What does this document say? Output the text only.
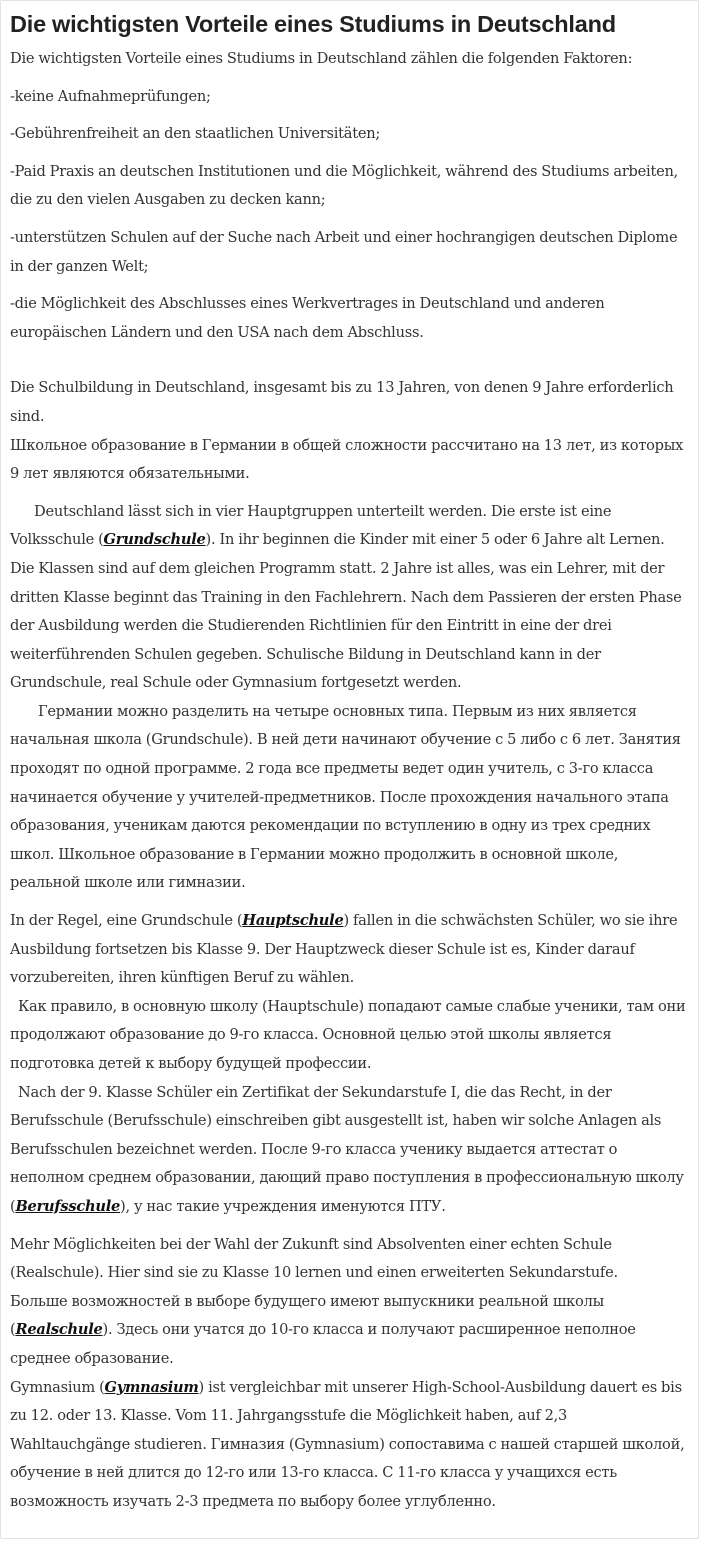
Die wichtigsten Vorteile eines Studiums in Deutschland

Die wichtigsten Vorteile eines Studiums in Deutschland zählen die folgenden Faktoren:

-keine Aufnahmeprüfungen;

-Gebührenfreiheit an den staatlichen Universitäten;

-Paid Praxis an deutschen Institutionen und die Möglichkeit, während des Studiums arbeiten, die zu den vielen Ausgaben zu decken kann;

-unterstützen Schulen auf der Suche nach Arbeit und einer hochrangigen deutschen Diplome in der ganzen Welt;

-die Möglichkeit des Abschlusses eines Werkvertrages in Deutschland und anderen europäischen Ländern und den USA nach dem Abschluss.

Die Schulbildung in Deutschland, insgesamt bis zu 13 Jahren, von denen 9 Jahre erforderlich sind.

Школьное образование в Германии в общей сложности рассчитано на 13 лет, из которых 9 лет являются обязательными.

Deutschland lässt sich in vier Hauptgruppen unterteilt werden. Die erste ist eine Volksschule (Grundschule). In ihr beginnen die Kinder mit einer 5 oder 6 Jahre alt Lernen. Die Klassen sind auf dem gleichen Programm statt. 2 Jahre ist alles, was ein Lehrer, mit der dritten Klasse beginnt das Training in den Fachlehrern. Nach dem Passieren der ersten Phase der Ausbildung werden die Studierenden Richtlinien für den Eintritt in eine der drei weiterführenden Schulen gegeben. Schulische Bildung in Deutschland kann in der Grundschule, real Schule oder Gymnasium fortgesetzt werden.

Германии можно разделить на четыре основных типа. Первым из них является начальная школа (Grundschule). В ней дети начинают обучение с 5 либо с 6 лет. Занятия проходят по одной программе. 2 года все предметы ведет один учитель, с 3-го класса начинается обучение у учителей-предметников. После прохождения начального этапа образования, ученикам даются рекомендации по вступлению в одну из трех средних школ. Школьное образование в Германии можно продолжить в основной школе, реальной школе или гимназии.

In der Regel, eine Grundschule (Hauptschule) fallen in die schwächsten Schüler, wo sie ihre Ausbildung fortsetzen bis Klasse 9. Der Hauptzweck dieser Schule ist es, Kinder darauf vorzubereiten, ihren künftigen Beruf zu wählen.

Как правило, в основную школу (Hauptschule) попадают самые слабые ученики, там они продолжают образование до 9-го класса. Основной целью этой школы является подготовка детей к выбору будущей профессии.

Nach der 9. Klasse Schüler ein Zertifikat der Sekundarstufe I, die das Recht, in der Berufsschule (Berufsschule) einschreiben gibt ausgestellt ist, haben wir solche Anlagen als Berufsschulen bezeichnet werden. После 9-го класса ученику выдается аттестат о неполном среднем образовании, дающий право поступления в профессиональную школу (Berufsschule), у нас такие учреждения именуются ПТУ.

Mehr Möglichkeiten bei der Wahl der Zukunft sind Absolventen einer echten Schule (Realschule). Hier sind sie zu Klasse 10 lernen und einen erweiterten Sekundarstufe.

Больше возможностей в выборе будущего имеют выпускники реальной школы (Realschule). Здесь они учатся до 10-го класса и получают расширенное неполное среднее образование.

Gymnasium (Gymnasium) ist vergleichbar mit unserer High-School-Ausbildung dauert es bis zu 12. oder 13. Klasse. Vom 11. Jahrgangsstufe die Möglichkeit haben, auf 2,3 Wahltauchgänge studieren. Гимназия (Gymnasium) сопоставима с нашей старшей школой, обучение в ней длится до 12-го или 13-го класса. С 11-го класса у учащихся есть возможность изучать 2-3 предмета по выбору более углубленно.
